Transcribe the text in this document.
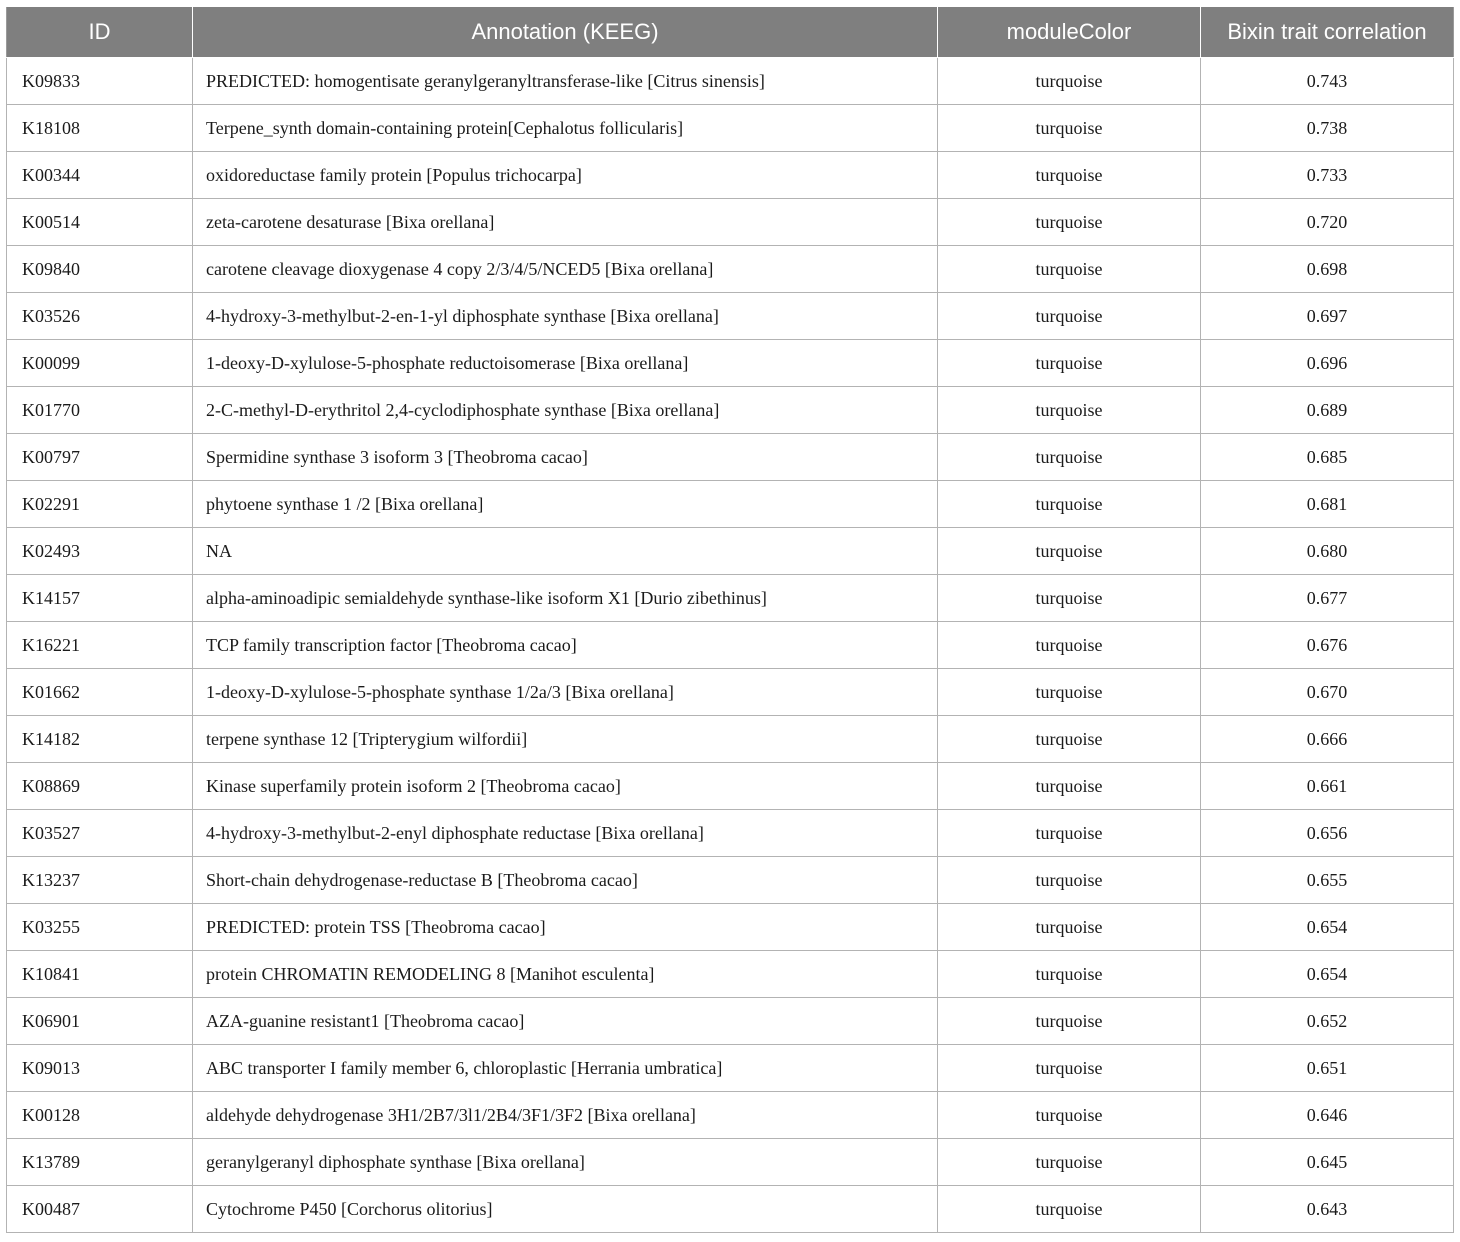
ID	Annotation (KEEG)	moduleColor	Bixin trait correlation
K09833	PREDICTED: homogentisate geranylgeranyltransferase-like [Citrus sinensis]	turquoise	0.743
K18108	Terpene_synth domain-containing protein[Cephalotus follicularis]	turquoise	0.738
K00344	oxidoreductase family protein [Populus trichocarpa]	turquoise	0.733
K00514	zeta-carotene desaturase [Bixa orellana]	turquoise	0.720
K09840	carotene cleavage dioxygenase 4 copy 2/3/4/5/NCED5 [Bixa orellana]	turquoise	0.698
K03526	4-hydroxy-3-methylbut-2-en-1-yl diphosphate synthase [Bixa orellana]	turquoise	0.697
K00099	1-deoxy-D-xylulose-5-phosphate reductoisomerase [Bixa orellana]	turquoise	0.696
K01770	2-C-methyl-D-erythritol 2,4-cyclodiphosphate synthase [Bixa orellana]	turquoise	0.689
K00797	Spermidine synthase 3 isoform 3 [Theobroma cacao]	turquoise	0.685
K02291	phytoene synthase 1 /2 [Bixa orellana]	turquoise	0.681
K02493	NA	turquoise	0.680
K14157	alpha-aminoadipic semialdehyde synthase-like isoform X1 [Durio zibethinus]	turquoise	0.677
K16221	TCP family transcription factor [Theobroma cacao]	turquoise	0.676
K01662	1-deoxy-D-xylulose-5-phosphate synthase 1/2a/3 [Bixa orellana]	turquoise	0.670
K14182	terpene synthase 12 [Tripterygium wilfordii]	turquoise	0.666
K08869	Kinase superfamily protein isoform 2 [Theobroma cacao]	turquoise	0.661
K03527	4-hydroxy-3-methylbut-2-enyl diphosphate reductase [Bixa orellana]	turquoise	0.656
K13237	Short-chain dehydrogenase-reductase B [Theobroma cacao]	turquoise	0.655
K03255	PREDICTED: protein TSS [Theobroma cacao]	turquoise	0.654
K10841	protein CHROMATIN REMODELING 8 [Manihot esculenta]	turquoise	0.654
K06901	AZA-guanine resistant1 [Theobroma cacao]	turquoise	0.652
K09013	ABC transporter I family member 6, chloroplastic [Herrania umbratica]	turquoise	0.651
K00128	aldehyde dehydrogenase 3H1/2B7/3l1/2B4/3F1/3F2 [Bixa orellana]	turquoise	0.646
K13789	geranylgeranyl diphosphate synthase [Bixa orellana]	turquoise	0.645
K00487	Cytochrome P450 [Corchorus olitorius]	turquoise	0.643
